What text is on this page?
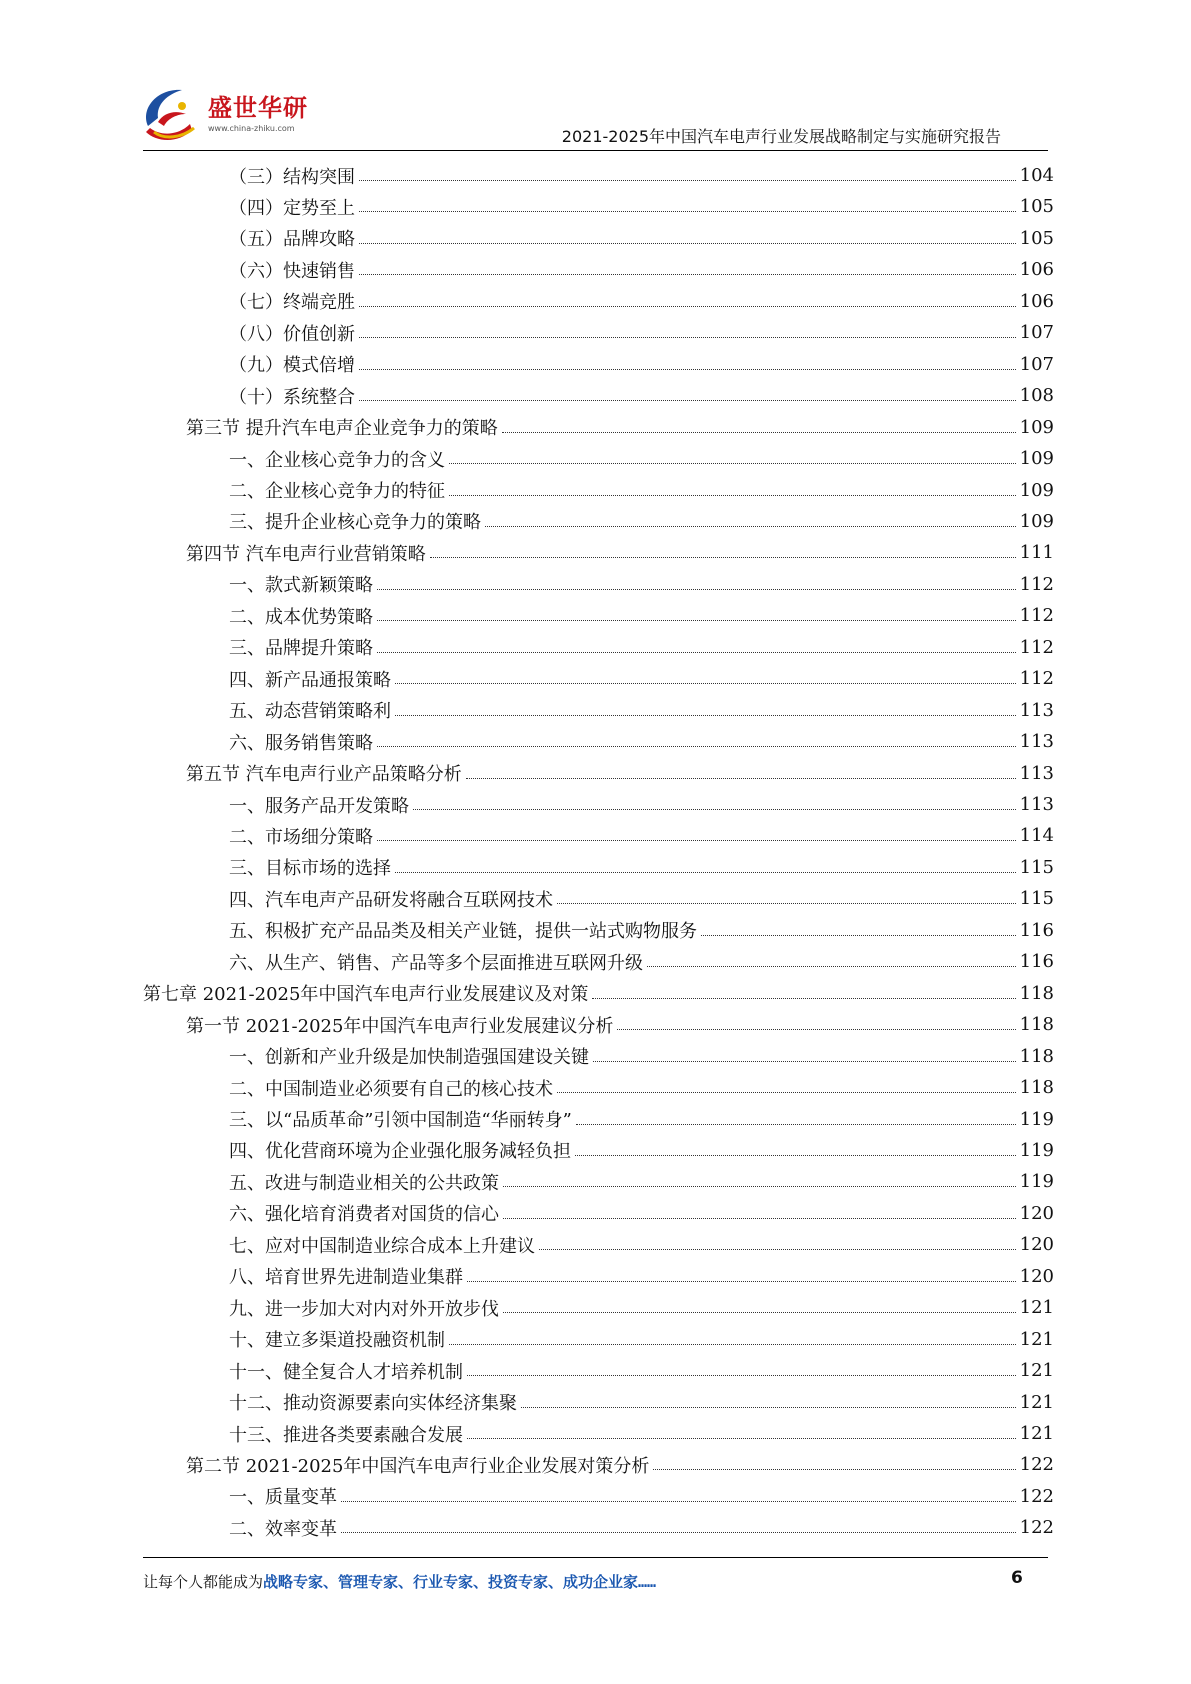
盛世华研
www.china-zhiku.com	2021-2025年中国汽车电声行业发展战略制定与实施研究报告
（三）结构突围	104
（四）定势至上	105
（五）品牌攻略	105
（六）快速销售	106
（七）终端竞胜	106
（八）价值创新	107
（九）模式倍增	107
（十）系统整合	108
第三节 提升汽车电声企业竞争力的策略	109
一、企业核心竞争力的含义	109
二、企业核心竞争力的特征	109
三、提升企业核心竞争力的策略	109
第四节 汽车电声行业营销策略	111
一、款式新颖策略	112
二、成本优势策略	112
三、品牌提升策略	112
四、新产品通报策略	112
五、动态营销策略利	113
六、服务销售策略	113
第五节 汽车电声行业产品策略分析	113
一、服务产品开发策略	113
二、市场细分策略	114
三、目标市场的选择	115
四、汽车电声产品研发将融合互联网技术	115
五、积极扩充产品品类及相关产业链，提供一站式购物服务	116
六、从生产、销售、产品等多个层面推进互联网升级	116
第七章 2021-2025年中国汽车电声行业发展建议及对策	118
第一节 2021-2025年中国汽车电声行业发展建议分析	118
一、创新和产业升级是加快制造强国建设关键	118
二、中国制造业必须要有自己的核心技术	118
三、以“品质革命”引领中国制造“华丽转身”	119
四、优化营商环境为企业强化服务减轻负担	119
五、改进与制造业相关的公共政策	119
六、强化培育消费者对国货的信心	120
七、应对中国制造业综合成本上升建议	120
八、培育世界先进制造业集群	120
九、进一步加大对内对外开放步伐	121
十、建立多渠道投融资机制	121
十一、健全复合人才培养机制	121
十二、推动资源要素向实体经济集聚	121
十三、推进各类要素融合发展	121
第二节 2021-2025年中国汽车电声行业企业发展对策分析	122
一、质量变革	122
二、效率变革	122
让每个人都能成为战略专家、管理专家、行业专家、投资专家、成功企业家……	6
